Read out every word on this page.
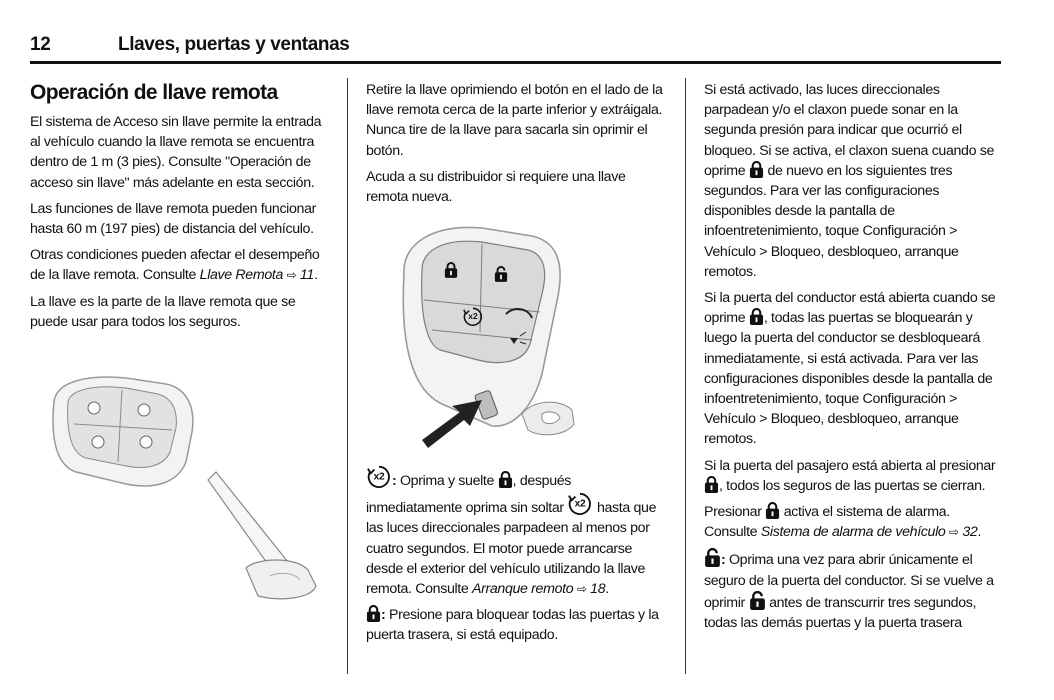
12	Llaves, puertas y ventanas
Operación de llave remota

El sistema de Acceso sin llave permite la entrada al vehículo cuando la llave remota se encuentra dentro de 1 m (3 pies). Consulte "Operación de acceso sin llave" más adelante en esta sección.

Las funciones de llave remota pueden funcionar hasta 60 m (197 pies) de distancia del vehículo.

Otras condiciones pueden afectar el desempeño de la llave remota. Consulte Llave Remota ⇨ 11.

La llave es la parte de la llave remota que se puede usar para todos los seguros.

Retire la llave oprimiendo el botón en el lado de la llave remota cerca de la parte inferior y extráigala. Nunca tire de la llave para sacarla sin oprimir el botón.

Acuda a su distribuidor si requiere una llave remota nueva.

: Oprima y suelte , después inmediatamente oprima sin soltar  hasta que las luces direccionales parpadeen al menos por cuatro segundos. El motor puede arrancarse desde el exterior del vehículo utilizando la llave remota. Consulte Arranque remoto ⇨ 18.

: Presione para bloquear todas las puertas y la puerta trasera, si está equipado.

Si está activado, las luces direccionales parpadean y/o el claxon puede sonar en la segunda presión para indicar que ocurrió el bloqueo. Si se activa, el claxon suena cuando se oprime  de nuevo en los siguientes tres segundos. Para ver las configuraciones disponibles desde la pantalla de infoentretenimiento, toque Configuración > Vehículo > Bloqueo, desbloqueo, arranque remotos.

Si la puerta del conductor está abierta cuando se oprime , todas las puertas se bloquearán y luego la puerta del conductor se desbloqueará inmediatamente, si está activada. Para ver las configuraciones disponibles desde la pantalla de infoentretenimiento, toque Configuración > Vehículo > Bloqueo, desbloqueo, arranque remotos.

Si la puerta del pasajero está abierta al presionar , todos los seguros de las puertas se cierran.

Presionar  activa el sistema de alarma. Consulte Sistema de alarma de vehículo ⇨ 32.

: Oprima una vez para abrir únicamente el seguro de la puerta del conductor. Si se vuelve a oprimir  antes de transcurrir tres segundos, todas las demás puertas y la puerta trasera
